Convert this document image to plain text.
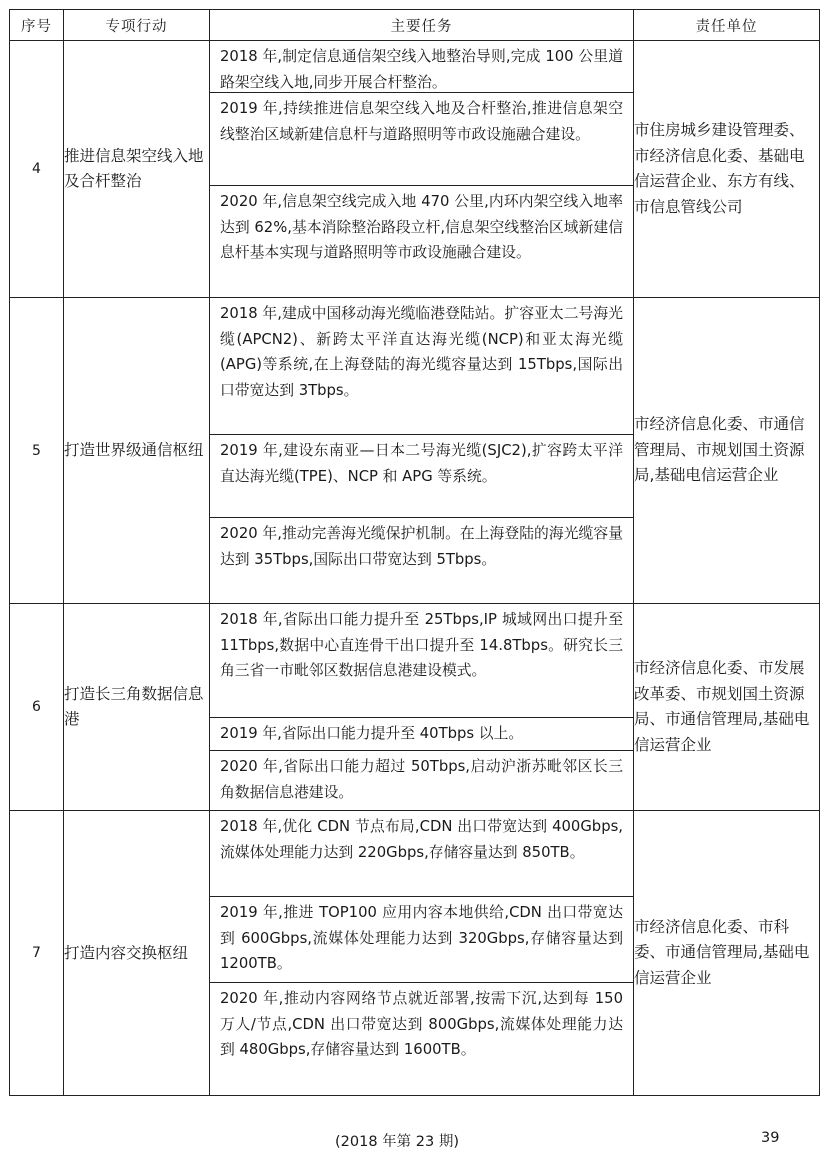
序号	专项行动	主要任务	责任单位
4	推进信息架空线入地及合杆整治	2018 年,制定信息通信架空线入地整治导则,完成 100 公里道路架空线入地,同步开展合杆整治。
2019 年,持续推进信息架空线入地及合杆整治,推进信息架空线整治区域新建信息杆与道路照明等市政设施融合建设。
2020 年,信息架空线完成入地 470 公里,内环内架空线入地率达到 62%,基本消除整治路段立杆,信息架空线整治区域新建信息杆基本实现与道路照明等市政设施融合建设。	市住房城乡建设管理委、市经济信息化委、基础电信运营企业、东方有线、市信息管线公司
5	打造世界级通信枢纽	2018 年,建成中国移动海光缆临港登陆站。扩容亚太二号海光缆(APCN2)、新跨太平洋直达海光缆(NCP)和亚太海光缆(APG)等系统,在上海登陆的海光缆容量达到 15Tbps,国际出口带宽达到 3Tbps。
2019 年,建设东南亚—日本二号海光缆(SJC2),扩容跨太平洋直达海光缆(TPE)、NCP 和 APG 等系统。
2020 年,推动完善海光缆保护机制。在上海登陆的海光缆容量达到 35Tbps,国际出口带宽达到 5Tbps。	市经济信息化委、市通信管理局、市规划国土资源局,基础电信运营企业
6	打造长三角数据信息港	2018 年,省际出口能力提升至 25Tbps,IP 城域网出口提升至 11Tbps,数据中心直连骨干出口提升至 14.8Tbps。研究长三角三省一市毗邻区数据信息港建设模式。
2019 年,省际出口能力提升至 40Tbps 以上。
2020 年,省际出口能力超过 50Tbps,启动沪浙苏毗邻区长三角数据信息港建设。	市经济信息化委、市发展改革委、市规划国土资源局、市通信管理局,基础电信运营企业
7	打造内容交换枢纽	2018 年,优化 CDN 节点布局,CDN 出口带宽达到 400Gbps,流媒体处理能力达到 220Gbps,存储容量达到 850TB。
2019 年,推进 TOP100 应用内容本地供给,CDN 出口带宽达到 600Gbps,流媒体处理能力达到 320Gbps,存储容量达到 1200TB。
2020 年,推动内容网络节点就近部署,按需下沉,达到每 150 万人/节点,CDN 出口带宽达到 800Gbps,流媒体处理能力达到 480Gbps,存储容量达到 1600TB。	市经济信息化委、市科委、市通信管理局,基础电信运营企业
(2018 年第 23 期)	39
